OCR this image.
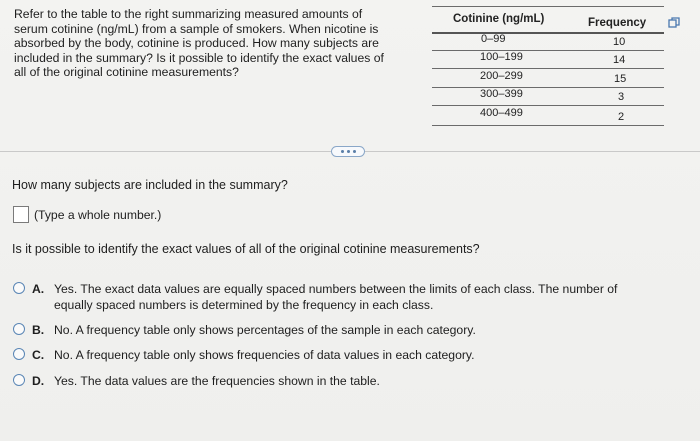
Refer to the table to the right summarizing measured amounts of
serum cotinine (ng/mL) from a sample of smokers. When nicotine is
absorbed by the body, cotinine is produced. How many subjects are
included in the summary? Is it possible to identify the exact values of
all of the original cotinine measurements?
Cotinine (ng/mL)	Frequency
0–99	10
100–199	14
200–299	15
300–399	3
400–499	2
How many subjects are included in the summary?
(Type a whole number.)
Is it possible to identify the exact values of all of the original cotinine measurements?
A. Yes. The exact data values are equally spaced numbers between the limits of each class. The number of
equally spaced numbers is determined by the frequency in each class.
B. No. A frequency table only shows percentages of the sample in each category.
C. No. A frequency table only shows frequencies of data values in each category.
D. Yes. The data values are the frequencies shown in the table.
